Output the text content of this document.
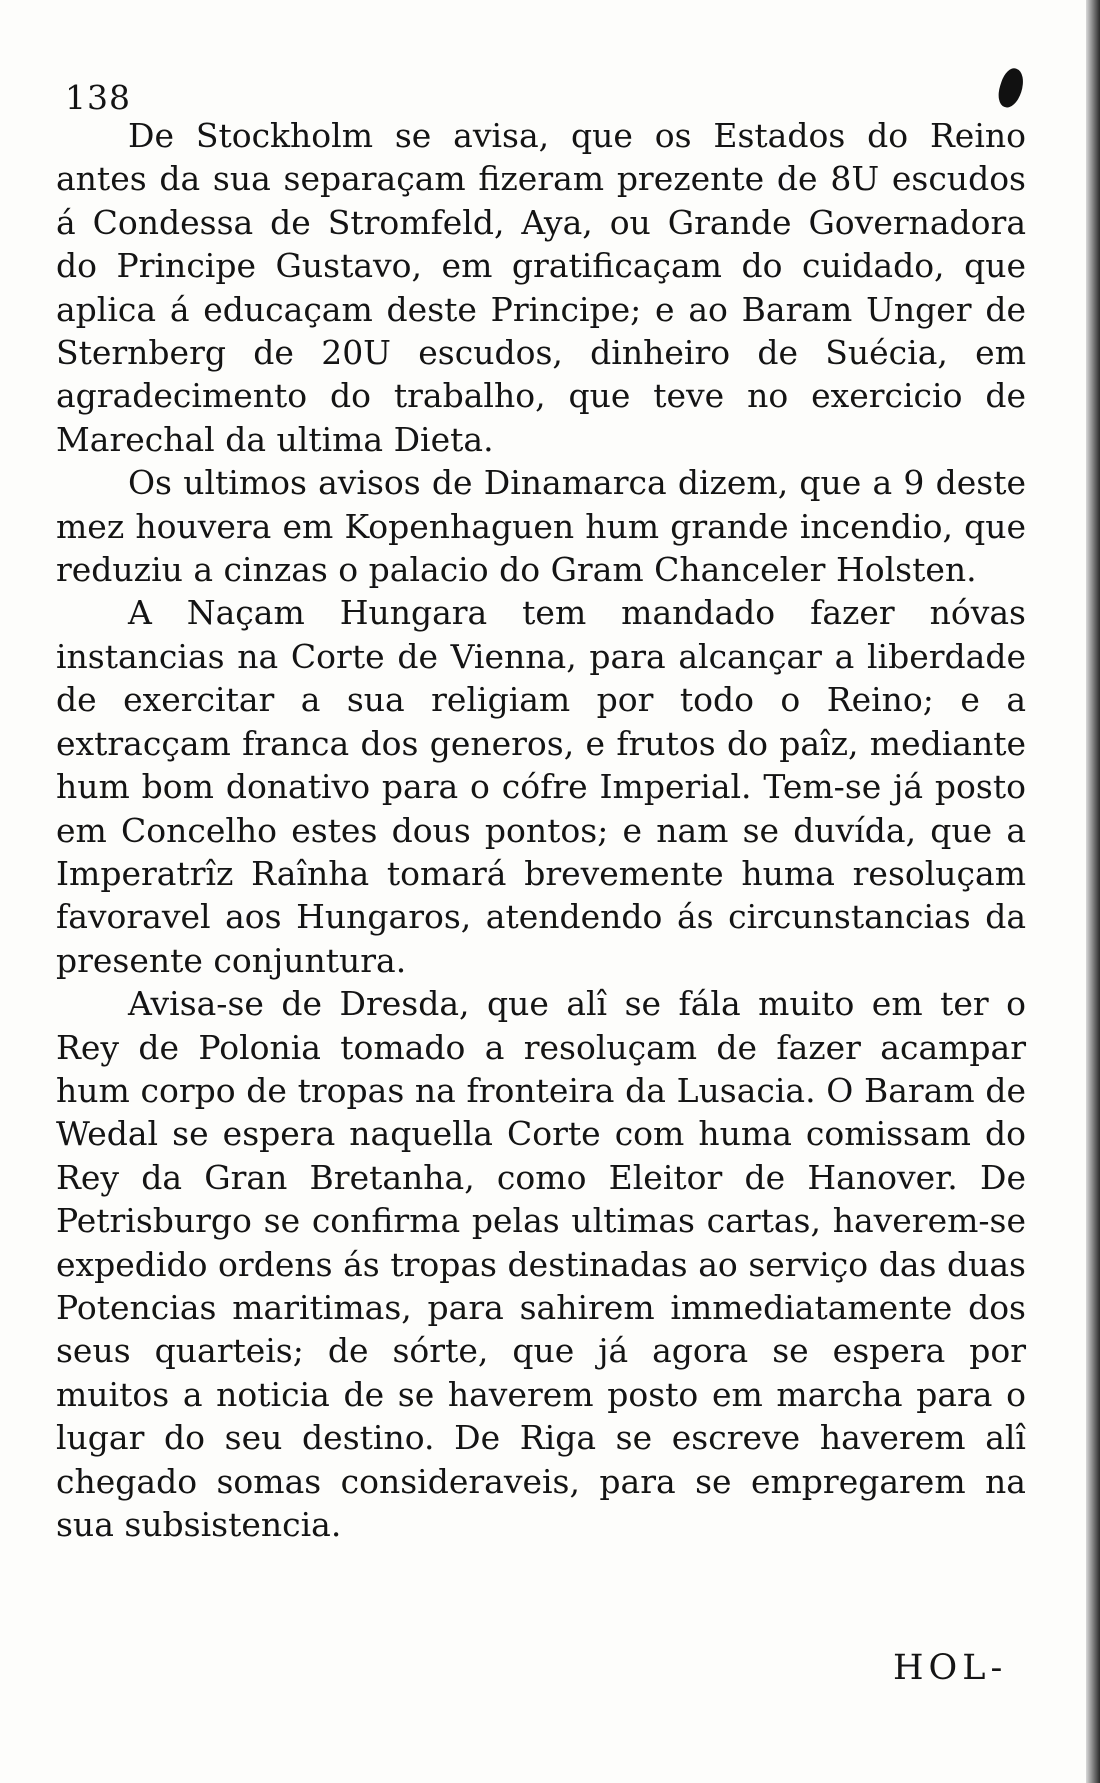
138

De Stockholm se avisa, que os Estados do Reino antes da sua separaçam fizeram prezente de 8U escudos á Condessa de Stromfeld, Aya, ou Grande Governadora do Principe Gustavo, em gratificaçam do cuidado, que aplica á educaçam deste Principe; e ao Baram Unger de Sternberg de 20U escudos, dinheiro de Suécia, em agradecimento do trabalho, que teve no exercicio de Marechal da ultima Dieta.

Os ultimos avisos de Dinamarca dizem, que a 9 deste mez houvera em Kopenhaguen hum grande incendio, que reduziu a cinzas o palacio do Gram Chanceler Holsten.

A Naçam Hungara tem mandado fazer nóvas instancias na Corte de Vienna, para alcançar a liberdade de exercitar a sua religiam por todo o Reino; e a extracçam franca dos generos, e frutos do paîz, mediante hum bom donativo para o cófre Imperial. Tem-se já posto em Concelho estes dous pontos; e nam se duvída, que a Imperatrîz Raînha tomará brevemente huma resoluçam favoravel aos Hungaros, atendendo ás circunstancias da presente conjuntura.

Avisa-se de Dresda, que alî se fála muito em ter o Rey de Polonia tomado a resoluçam de fazer acampar hum corpo de tropas na fronteira da Lusacia. O Baram de Wedal se espera naquella Corte com huma comissam do Rey da Gran Bretanha, como Eleitor de Hanover. De Petrisburgo se confirma pelas ultimas cartas, haverem-se expedido ordens ás tropas destinadas ao serviço das duas Potencias maritimas, para sahirem immediatamente dos seus quarteis; de sórte, que já agora se espera por muitos a noticia de se haverem posto em marcha para o lugar do seu destino. De Riga se escreve haverem alî chegado somas consideraveis, para se empregarem na sua subsistencia.

HOL-
